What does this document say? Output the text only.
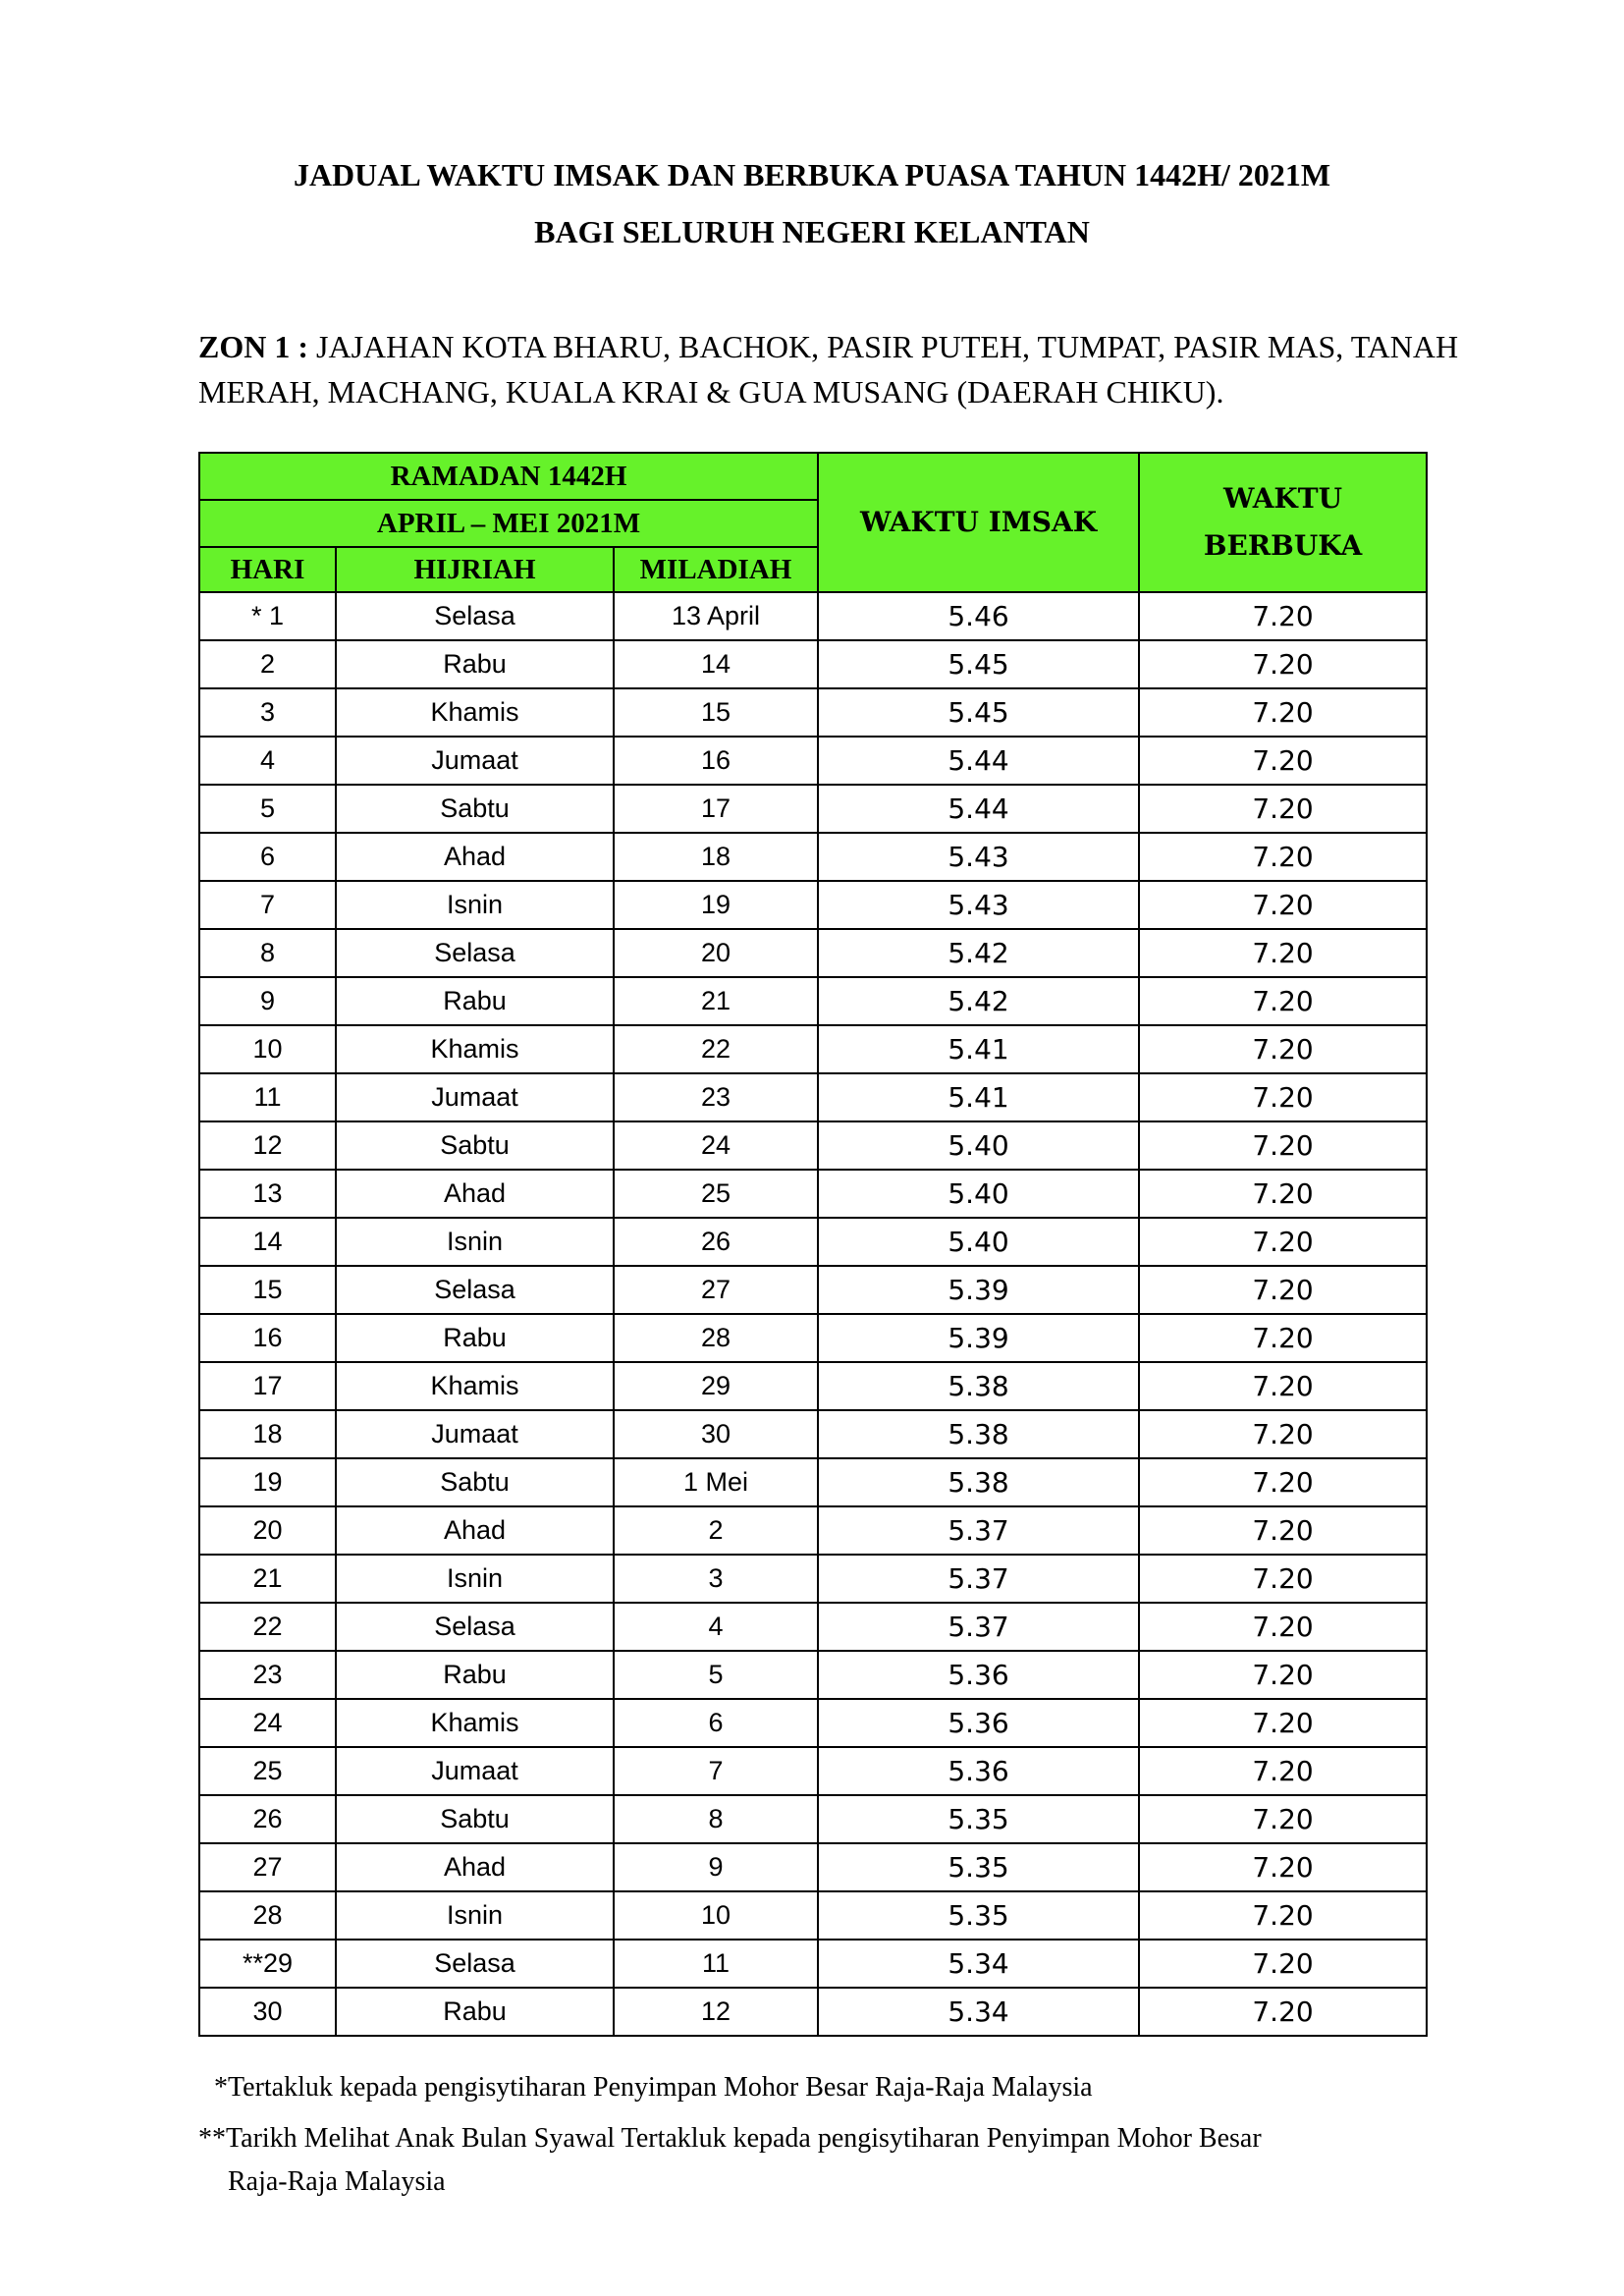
JADUAL WAKTU IMSAK DAN BERBUKA PUASA TAHUN 1442H/ 2021M
BAGI SELURUH NEGERI KELANTAN
ZON 1 : JAJAHAN KOTA BHARU, BACHOK, PASIR PUTEH, TUMPAT, PASIR MAS, TANAH MERAH, MACHANG, KUALA KRAI & GUA MUSANG (DAERAH CHIKU).
RAMADAN 1442H			WAKTU IMSAK	WAKTU BERBUKA
APRIL – MEI 2021M				
HARI	HIJRIAH	MILADIAH		
* 1	Selasa	13 April	5.46	7.20
2	Rabu	14	5.45	7.20
3	Khamis	15	5.45	7.20
4	Jumaat	16	5.44	7.20
5	Sabtu	17	5.44	7.20
6	Ahad	18	5.43	7.20
7	Isnin	19	5.43	7.20
8	Selasa	20	5.42	7.20
9	Rabu	21	5.42	7.20
10	Khamis	22	5.41	7.20
11	Jumaat	23	5.41	7.20
12	Sabtu	24	5.40	7.20
13	Ahad	25	5.40	7.20
14	Isnin	26	5.40	7.20
15	Selasa	27	5.39	7.20
16	Rabu	28	5.39	7.20
17	Khamis	29	5.38	7.20
18	Jumaat	30	5.38	7.20
19	Sabtu	1 Mei	5.38	7.20
20	Ahad	2	5.37	7.20
21	Isnin	3	5.37	7.20
22	Selasa	4	5.37	7.20
23	Rabu	5	5.36	7.20
24	Khamis	6	5.36	7.20
25	Jumaat	7	5.36	7.20
26	Sabtu	8	5.35	7.20
27	Ahad	9	5.35	7.20
28	Isnin	10	5.35	7.20
**29	Selasa	11	5.34	7.20
30	Rabu	12	5.34	7.20
*Tertakluk kepada pengisytiharan Penyimpan Mohor Besar Raja-Raja Malaysia
**Tarikh Melihat Anak Bulan Syawal Tertakluk kepada pengisytiharan Penyimpan Mohor Besar
Raja-Raja Malaysia
